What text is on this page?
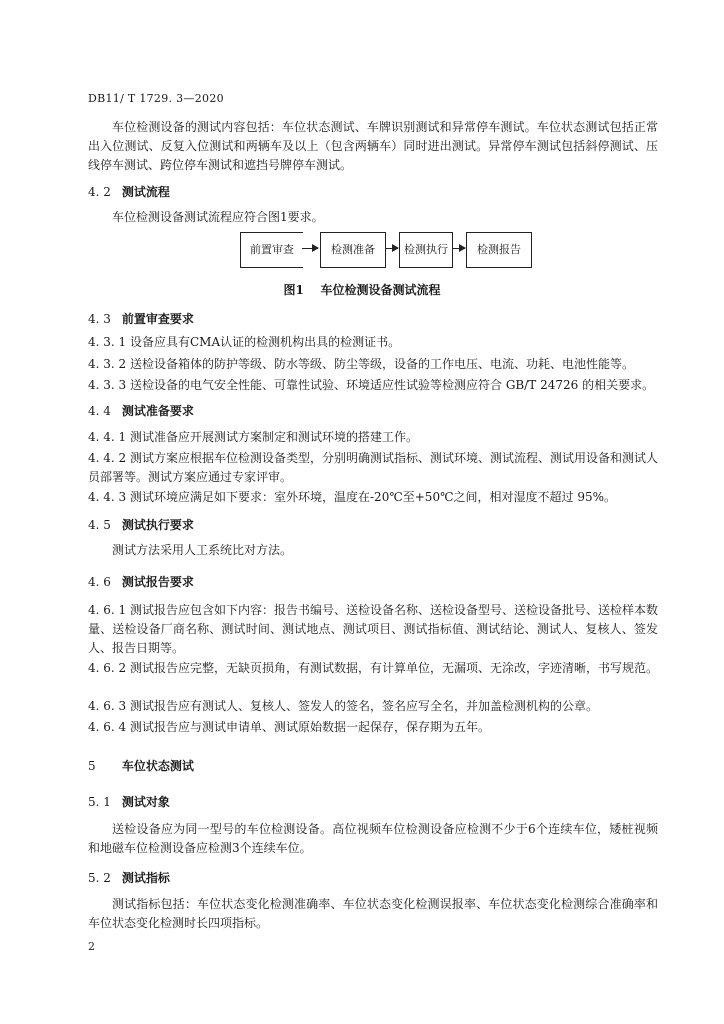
DB11/ T 1729. 3—2020
车位检测设备的测试内容包括：车位状态测试、车牌识别测试和异常停车测试。车位状态测试包括正常出入位测试、反复入位测试和两辆车及以上（包含两辆车）同时进出测试。异常停车测试包括斜停测试、压线停车测试、跨位停车测试和遮挡号牌停车测试。
4. 2 测试流程
车位检测设备测试流程应符合图1要求。
前置审查	检测准备	检测执行	检测报告
图1 车位检测设备测试流程
4. 3 前置审查要求
4. 3. 1 设备应具有CMA认证的检测机构出具的检测证书。
4. 3. 2 送检设备箱体的防护等级、防水等级、防尘等级，设备的工作电压、电流、功耗、电池性能等。
4. 3. 3 送检设备的电气安全性能、可靠性试验、环境适应性试验等检测应符合 GB/T 24726 的相关要求。
4. 4 测试准备要求
4. 4. 1 测试准备应开展测试方案制定和测试环境的搭建工作。
4. 4. 2 测试方案应根据车位检测设备类型，分别明确测试指标、测试环境、测试流程、测试用设备和测试人员部署等。测试方案应通过专家评审。
4. 4. 3 测试环境应满足如下要求：室外环境，温度在-20℃至+50℃之间，相对湿度不超过 95%。
4. 5 测试执行要求
测试方法采用人工系统比对方法。
4. 6 测试报告要求
4. 6. 1 测试报告应包含如下内容：报告书编号、送检设备名称、送检设备型号、送检设备批号、送检样本数量、送检设备厂商名称、测试时间、测试地点、测试项目、测试指标值、测试结论、测试人、复核人、签发人、报告日期等。
4. 6. 2 测试报告应完整，无缺页损角，有测试数据，有计算单位，无漏项、无涂改，字迹清晰，书写规范。
4. 6. 3 测试报告应有测试人、复核人、签发人的签名，签名应写全名，并加盖检测机构的公章。
4. 6. 4 测试报告应与测试申请单、测试原始数据一起保存，保存期为五年。
5 车位状态测试
5. 1 测试对象
送检设备应为同一型号的车位检测设备。高位视频车位检测设备应检测不少于6个连续车位，矮桩视频和地磁车位检测设备应检测3个连续车位。
5. 2 测试指标
测试指标包括：车位状态变化检测准确率、车位状态变化检测误报率、车位状态变化检测综合准确率和车位状态变化检测时长四项指标。
2
